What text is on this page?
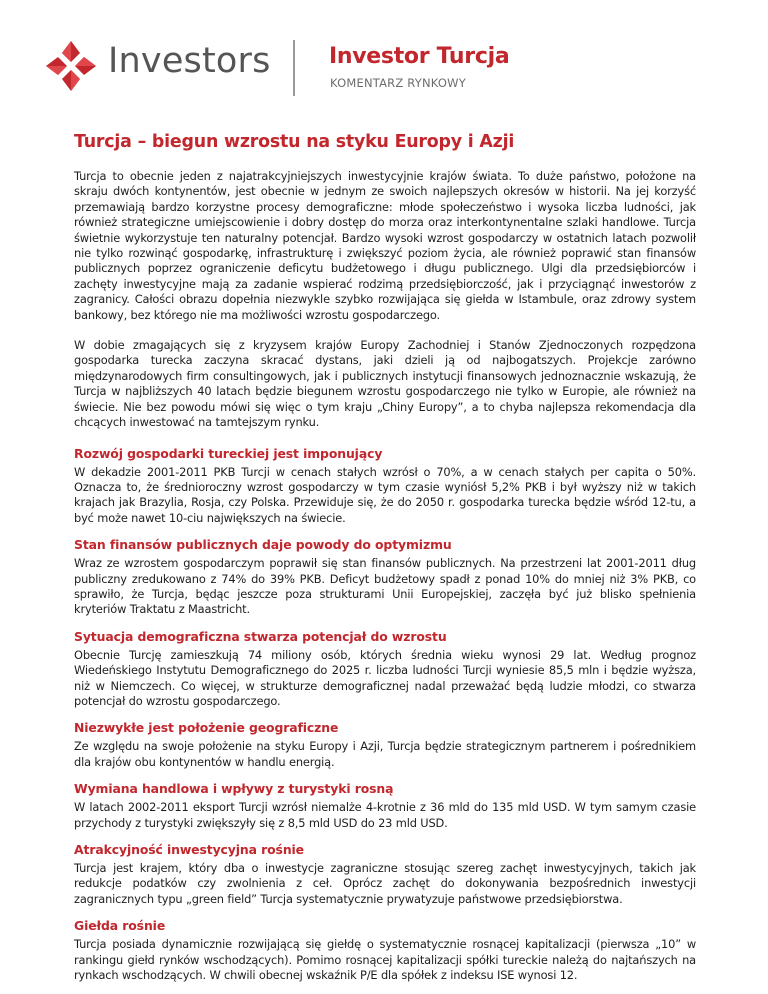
Investors	Investor Turcja
KOMENTARZ RYNKOWY
Turcja – biegun wzrostu na styku Europy i Azji

Turcja to obecnie jeden z najatrakcyjniejszych inwestycyjnie krajów świata. To duże państwo, położone na skraju dwóch kontynentów, jest obecnie w jednym ze swoich najlepszych okresów w historii. Na jej korzyść przemawiają bardzo korzystne procesy demograficzne: młode społeczeństwo i wysoka liczba ludności, jak również strategiczne umiejscowienie i dobry dostęp do morza oraz interkontynentalne szlaki handlowe. Turcja świetnie wykorzystuje ten naturalny potencjał. Bardzo wysoki wzrost gospodarczy w ostatnich latach pozwolił nie tylko rozwinąć gospodarkę, infrastrukturę i zwiększyć poziom życia, ale również poprawić stan finansów publicznych poprzez ograniczenie deficytu budżetowego i długu publicznego. Ulgi dla przedsiębiorców i zachęty inwestycyjne mają za zadanie wspierać rodzimą przedsiębiorczość, jak i przyciągnąć inwestorów z zagranicy. Całości obrazu dopełnia niezwykle szybko rozwijająca się giełda w Istambule, oraz zdrowy system bankowy, bez którego nie ma możliwości wzrostu gospodarczego.

W dobie zmagających się z kryzysem krajów Europy Zachodniej i Stanów Zjednoczonych rozpędzona gospodarka turecka zaczyna skracać dystans, jaki dzieli ją od najbogatszych. Projekcje zarówno międzynarodowych firm consultingowych, jak i publicznych instytucji finansowych jednoznacznie wskazują, że Turcja w najbliższych 40 latach będzie biegunem wzrostu gospodarczego nie tylko w Europie, ale również na świecie. Nie bez powodu mówi się więc o tym kraju „Chiny Europy”, a to chyba najlepsza rekomendacja dla chcących inwestować na tamtejszym rynku.

Rozwój gospodarki tureckiej jest imponujący

W dekadzie 2001-2011 PKB Turcji w cenach stałych wzrósł o 70%, a w cenach stałych per capita o 50%. Oznacza to, że średnioroczny wzrost gospodarczy w tym czasie wyniósł 5,2% PKB i był wyższy niż w takich krajach jak Brazylia, Rosja, czy Polska. Przewiduje się, że do 2050 r. gospodarka turecka będzie wśród 12-tu, a być może nawet 10-ciu największych na świecie.

Stan finansów publicznych daje powody do optymizmu

Wraz ze wzrostem gospodarczym poprawił się stan finansów publicznych. Na przestrzeni lat 2001-2011 dług publiczny zredukowano z 74% do 39% PKB. Deficyt budżetowy spadł z ponad 10% do mniej niż 3% PKB, co sprawiło, że Turcja, będąc jeszcze poza strukturami Unii Europejskiej, zaczęła być już blisko spełnienia kryteriów Traktatu z Maastricht.

Sytuacja demograficzna stwarza potencjał do wzrostu

Obecnie Turcję zamieszkują 74 miliony osób, których średnia wieku wynosi 29 lat. Według prognoz Wiedeńskiego Instytutu Demograficznego do 2025 r. liczba ludności Turcji wyniesie 85,5 mln i będzie wyższa, niż w Niemczech. Co więcej, w strukturze demograficznej nadal przeważać będą ludzie młodzi, co stwarza potencjał do wzrostu gospodarczego.

Niezwykłe jest położenie geograficzne

Ze względu na swoje położenie na styku Europy i Azji, Turcja będzie strategicznym partnerem i pośrednikiem dla krajów obu kontynentów w handlu energią.

Wymiana handlowa i wpływy z turystyki rosną

W latach 2002-2011 eksport Turcji wzrósł niemalże 4-krotnie z 36 mld do 135 mld USD. W tym samym czasie przychody z turystyki zwiększyły się z 8,5 mld USD do 23 mld USD.

Atrakcyjność inwestycyjna rośnie

Turcja jest krajem, który dba o inwestycje zagraniczne stosując szereg zachęt inwestycyjnych, takich jak redukcje podatków czy zwolnienia z ceł. Oprócz zachęt do dokonywania bezpośrednich inwestycji zagranicznych typu „green field” Turcja systematycznie prywatyzuje państwowe przedsiębiorstwa.

Giełda rośnie

Turcja posiada dynamicznie rozwijającą się giełdę o systematycznie rosnącej kapitalizacji (pierwsza „10” w rankingu giełd rynków wschodzących). Pomimo rosnącej kapitalizacji spółki tureckie należą do najtańszych na rynkach wschodzących. W chwili obecnej wskaźnik P/E dla spółek z indeksu ISE wynosi 12.
